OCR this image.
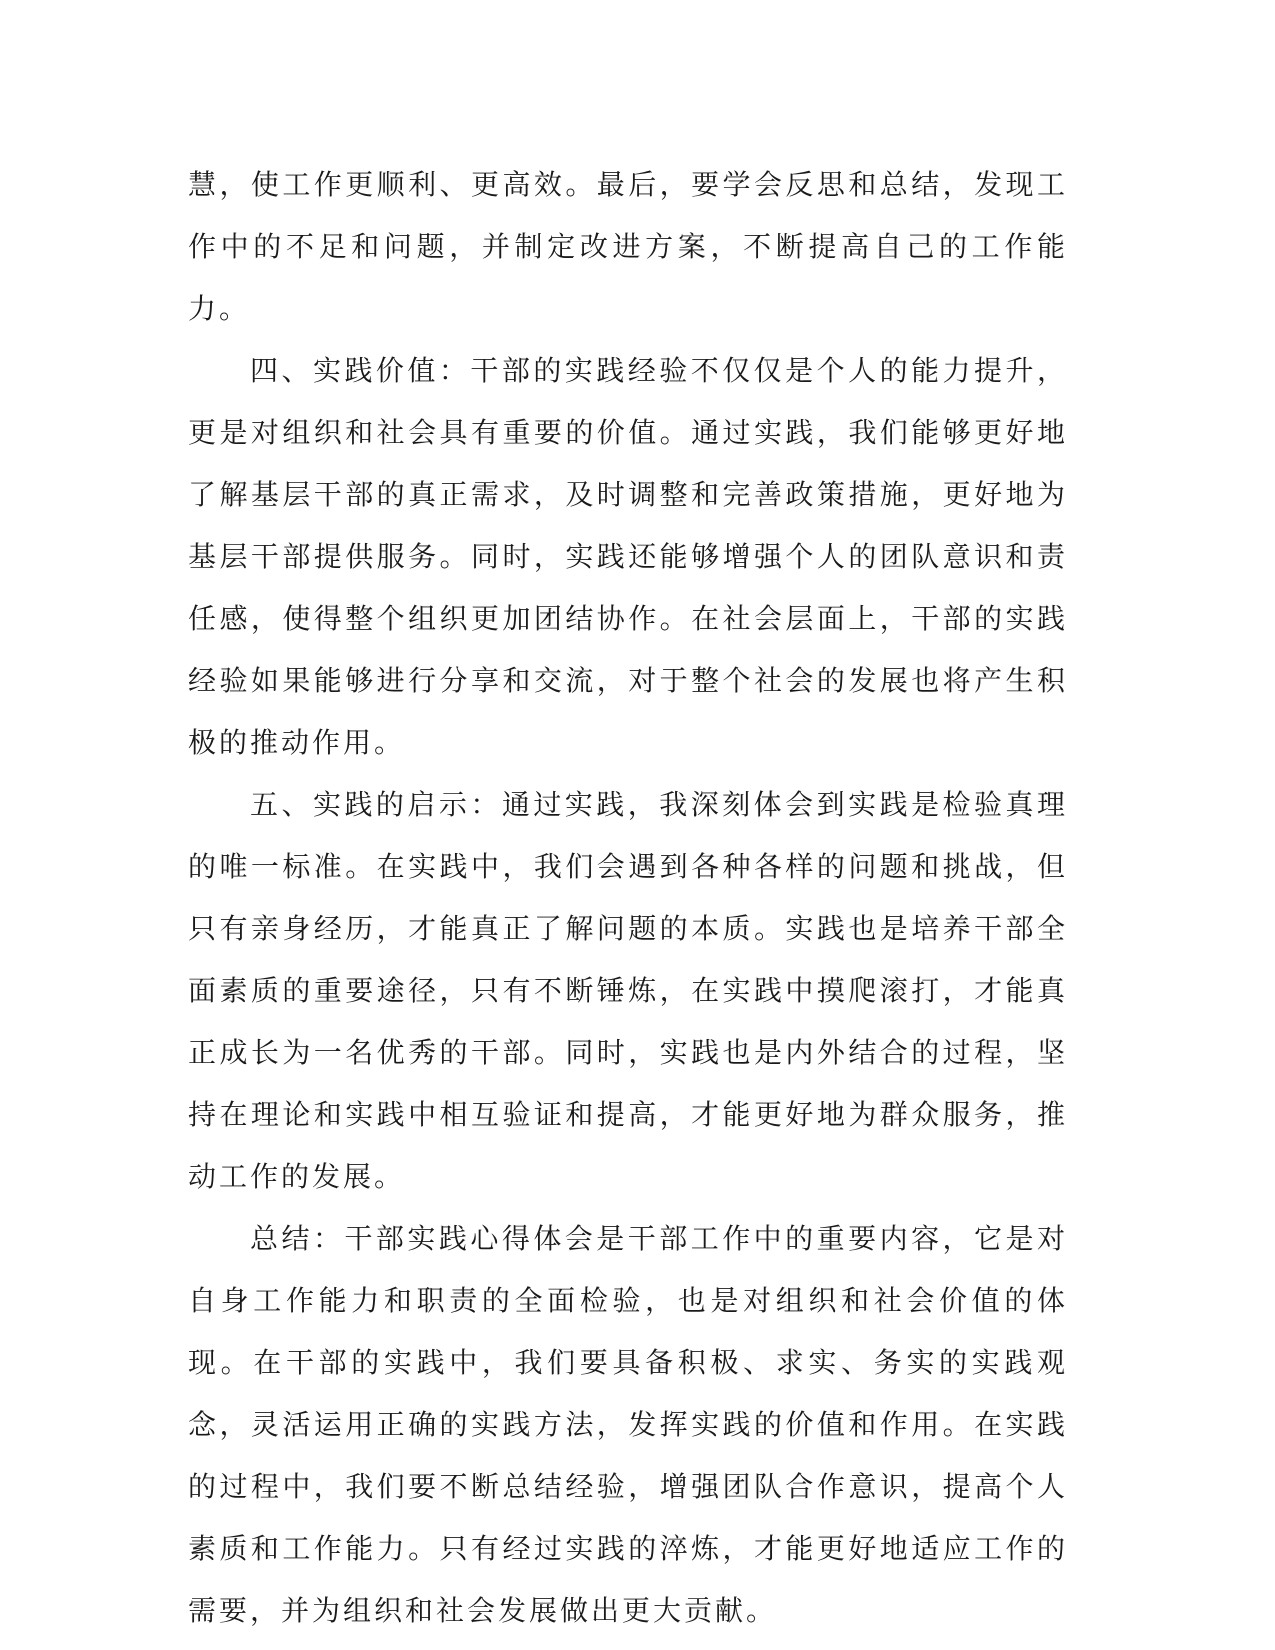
慧，使工作更顺利、更高效。最后，要学会反思和总结，发现工作中的不足和问题，并制定改进方案，不断提高自己的工作能力。

四、实践价值：干部的实践经验不仅仅是个人的能力提升，更是对组织和社会具有重要的价值。通过实践，我们能够更好地了解基层干部的真正需求，及时调整和完善政策措施，更好地为基层干部提供服务。同时，实践还能够增强个人的团队意识和责任感，使得整个组织更加团结协作。在社会层面上，干部的实践经验如果能够进行分享和交流，对于整个社会的发展也将产生积极的推动作用。

五、实践的启示：通过实践，我深刻体会到实践是检验真理的唯一标准。在实践中，我们会遇到各种各样的问题和挑战，但只有亲身经历，才能真正了解问题的本质。实践也是培养干部全面素质的重要途径，只有不断锤炼，在实践中摸爬滚打，才能真正成长为一名优秀的干部。同时，实践也是内外结合的过程，坚持在理论和实践中相互验证和提高，才能更好地为群众服务，推动工作的发展。

总结：干部实践心得体会是干部工作中的重要内容，它是对自身工作能力和职责的全面检验，也是对组织和社会价值的体现。在干部的实践中，我们要具备积极、求实、务实的实践观念，灵活运用正确的实践方法，发挥实践的价值和作用。在实践的过程中，我们要不断总结经验，增强团队合作意识，提高个人素质和工作能力。只有经过实践的淬炼，才能更好地适应工作的需要，并为组织和社会发展做出更大贡献。
